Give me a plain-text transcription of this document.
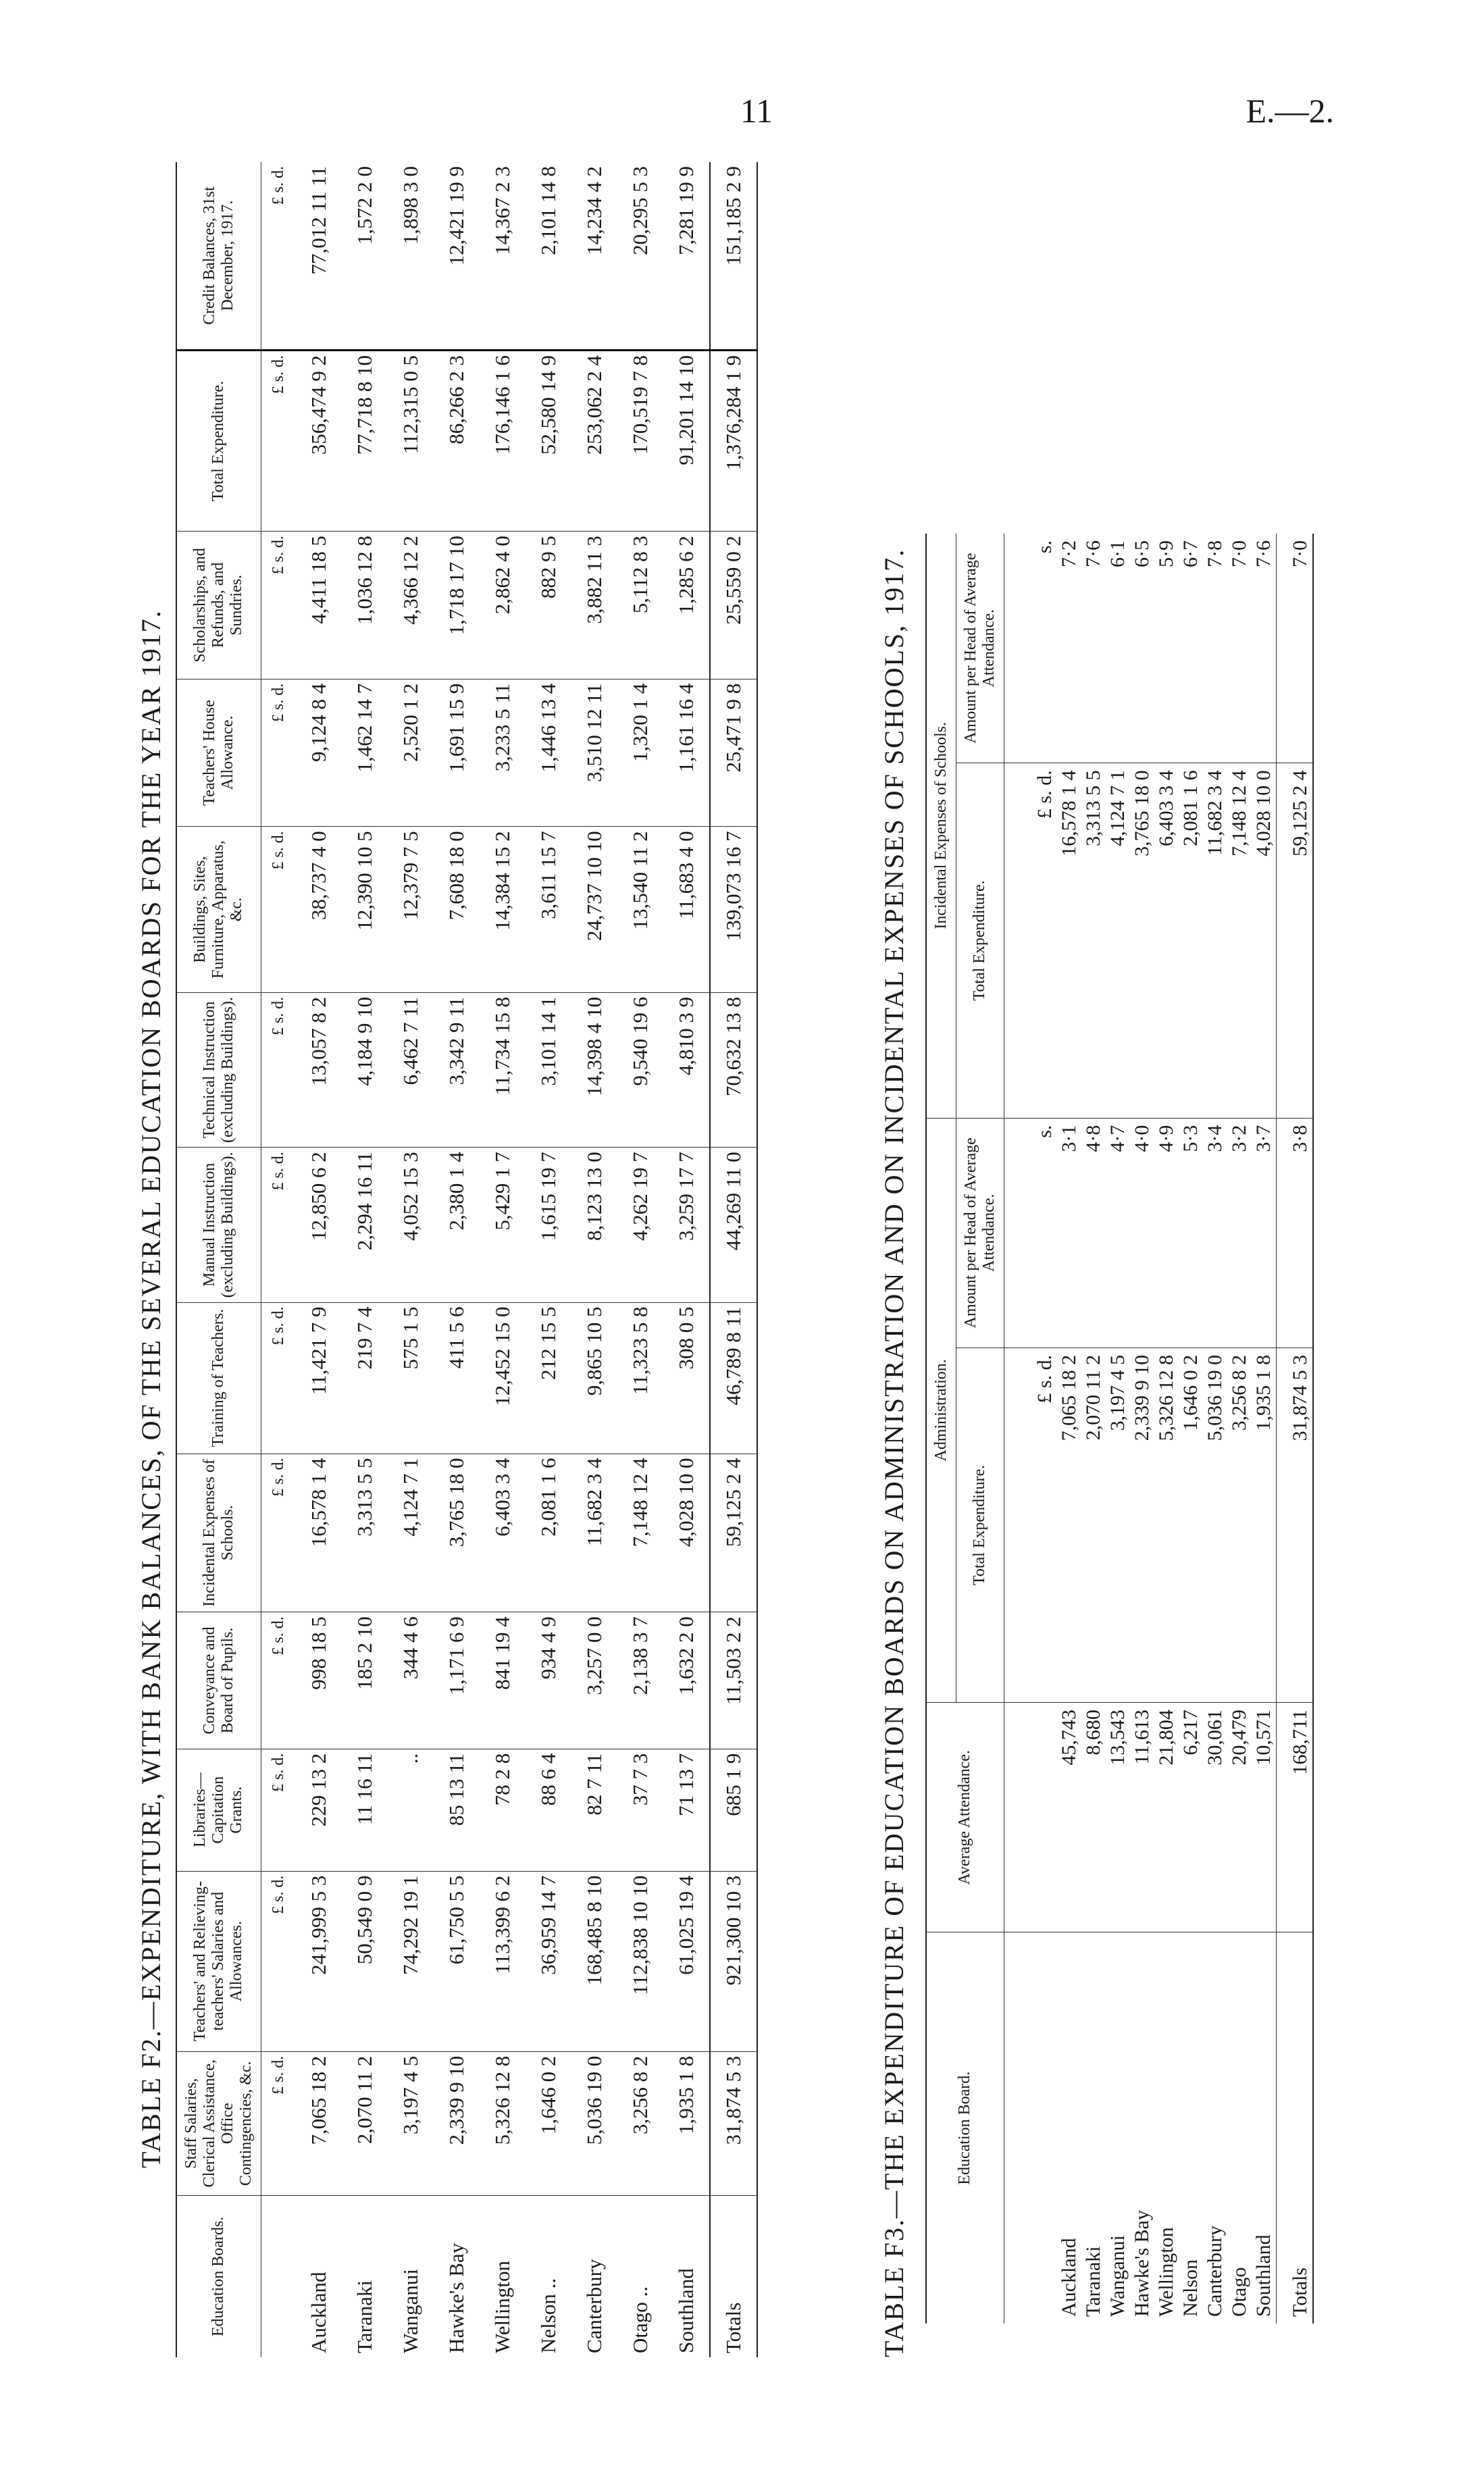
11	E.—2.
TABLE F2.—EXPENDITURE, WITH BANK BALANCES, OF THE SEVERAL EDUCATION BOARDS FOR THE YEAR 1917.
Education Boards.	Staff Salaries, Clerical Assistance, Office Contingencies, &c.	Teachers' and Relieving-teachers' Salaries and Allowances.	Libraries—Capitation Grants.	Conveyance and Board of Pupils.	Incidental Expenses of Schools.	Training of Teachers.	Manual Instruction (excluding Buildings).	Technical Instruction (excluding Buildings).	Buildings, Sites, Furniture, Apparatus, &c.	Teachers' House Allowance.	Scholarships, and Refunds, and Sundries.	Total Expenditure.	Credit Balances, 31st December, 1917.
	£ s. d.	£ s. d.	£ s. d.	£ s. d.	£ s. d.	£ s. d.	£ s. d.	£ s. d.	£ s. d.	£ s. d.	£ s. d.	£ s. d.	£ s. d.
Auckland	7,065 18 2	241,999 5 3	229 13 2	998 18 5	16,578 1 4	11,421 7 9	12,850 6 2	13,057 8 2	38,737 4 0	9,124 8 4	4,411 18 5	356,474 9 2	77,012 11 11
Taranaki	2,070 11 2	50,549 0 9	11 16 11	185 2 10	3,313 5 5	219 7 4	2,294 16 11	4,184 9 10	12,390 10 5	1,462 14 7	1,036 12 8	77,718 8 10	1,572 2 0
Wanganui	3,197 4 5	74,292 19 1	..	344 4 6	4,124 7 1	575 1 5	4,052 15 3	6,462 7 11	12,379 7 5	2,520 1 2	4,366 12 2	112,315 0 5	1,898 3 0
Hawke's Bay	2,339 9 10	61,750 5 5	85 13 11	1,171 6 9	3,765 18 0	411 5 6	2,380 1 4	3,342 9 11	7,608 18 0	1,691 15 9	1,718 17 10	86,266 2 3	12,421 19 9
Wellington	5,326 12 8	113,399 6 2	78 2 8	841 19 4	6,403 3 4	12,452 15 0	5,429 1 7	11,734 15 8	14,384 15 2	3,233 5 11	2,862 4 0	176,146 1 6	14,367 2 3
Nelson ..	1,646 0 2	36,959 14 7	88 6 4	934 4 9	2,081 1 6	212 15 5	1,615 19 7	3,101 14 1	3,611 15 7	1,446 13 4	882 9 5	52,580 14 9	2,101 14 8
Canterbury	5,036 19 0	168,485 8 10	82 7 11	3,257 0 0	11,682 3 4	9,865 10 5	8,123 13 0	14,398 4 10	24,737 10 10	3,510 12 11	3,882 11 3	253,062 2 4	14,234 4 2
Otago ..	3,256 8 2	112,838 10 10	37 7 3	2,138 3 7	7,148 12 4	11,323 5 8	4,262 19 7	9,540 19 6	13,540 11 2	1,320 1 4	5,112 8 3	170,519 7 8	20,295 5 3
Southland	1,935 1 8	61,025 19 4	71 13 7	1,632 2 0	4,028 10 0	308 0 5	3,259 17 7	4,810 3 9	11,683 4 0	1,161 16 4	1,285 6 2	91,201 14 10	7,281 19 9
Totals	31,874 5 3	921,300 10 3	685 1 9	11,503 2 2	59,125 2 4	46,789 8 11	44,269 11 0	70,632 13 8	139,073 16 7	25,471 9 8	25,559 0 2	1,376,284 1 9	151,185 2 9
TABLE F3.—THE EXPENDITURE OF EDUCATION BOARDS ON ADMINISTRATION AND ON INCIDENTAL EXPENSES OF SCHOOLS, 1917.	Education Board.	Average Attendance.	Administration.		Incidental Expenses of Schools.	
		Total Expenditure.	Amount per Head of Average Attendance.	Total Expenditure.	Amount per Head of Average Attendance.

		£ s. d.	s.	£ s. d.	s.
Auckland	45,743	7,065 18 2	3·1	16,578 1 4	7·2
Taranaki	8,680	2,070 11 2	4·8	3,313 5 5	7·6
Wanganui	13,543	3,197 4 5	4·7	4,124 7 1	6·1
Hawke's Bay	11,613	2,339 9 10	4·0	3,765 18 0	6·5
Wellington	21,804	5,326 12 8	4·9	6,403 3 4	5·9
Nelson	6,217	1,646 0 2	5·3	2,081 1 6	6·7
Canterbury	30,061	5,036 19 0	3·4	11,682 3 4	7·8
Otago	20,479	3,256 8 2	3·2	7,148 12 4	7·0
Southland	10,571	1,935 1 8	3·7	4,028 10 0	7·6
Totals	168,711	31,874 5 3	3·8	59,125 2 4	7·0
